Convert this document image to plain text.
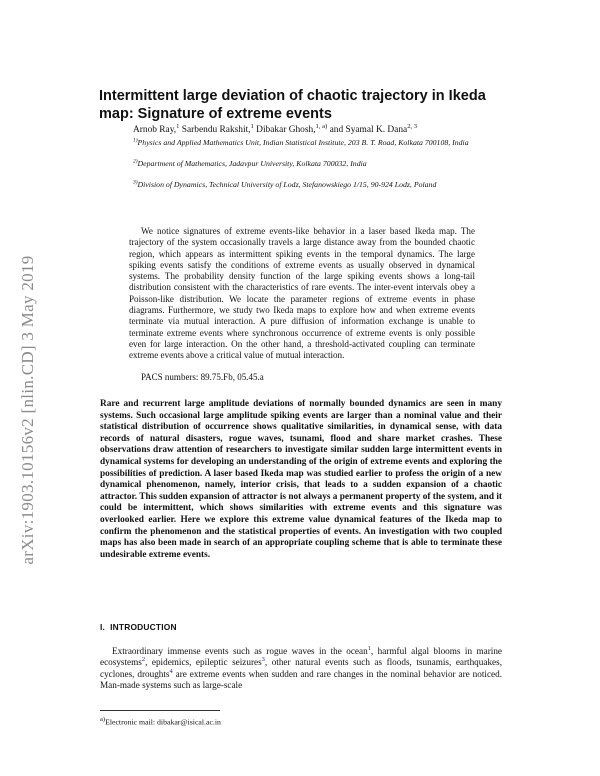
arXiv:1903.10156v2 [nlin.CD] 3 May 2019
Intermittent large deviation of chaotic trajectory in Ikeda map: Signature of extreme events
Arnob Ray,$^1$ Sarbendu Rakshit,$^1$ Dibakar Ghosh,$^{1, a)}$ and Syamal K. Dana$^{2, 3}$
$^{1)}$Physics and Applied Mathematics Unit, Indian Statistical Institute, 203 B. T. Road, Kolkata 700108, India
$^{2)}$Department of Mathematics, Jadavpur University, Kolkata 700032, India
$^{3)}$Division of Dynamics, Technical University of Lodz, Stefanowskiego 1/15, 90-924 Lodz, Poland

We notice signatures of extreme events-like behavior in a laser based Ikeda map. The trajectory of the system occasionally travels a large distance away from the bounded chaotic region, which appears as intermittent spiking events in the temporal dynamics. The large spiking events satisfy the conditions of extreme events as usually observed in dynamical systems. The probability density function of the large spiking events shows a long-tail distribution consistent with the characteristics of rare events. The inter-event intervals obey a Poisson-like distribution. We locate the parameter regions of extreme events in phase diagrams. Furthermore, we study two Ikeda maps to explore how and when extreme events terminate via mutual interaction. A pure diffusion of information exchange is unable to terminate extreme events where synchronous occurrence of extreme events is only possible even for large interaction. On the other hand, a threshold-activated coupling can terminate extreme events above a critical value of mutual interaction.

PACS numbers: 89.75.Fb, 05.45.a

Rare and recurrent large amplitude deviations of normally bounded dynamics are seen in many systems. Such occasional large amplitude spiking events are larger than a nominal value and their statistical distribution of occurrence shows qualitative similarities, in dynamical sense, with data records of natural disasters, rogue waves, tsunami, flood and share market crashes. These observations draw attention of researchers to investigate similar sudden large intermittent events in dynamical systems for developing an understanding of the origin of extreme events and exploring the possibilities of prediction. A laser based Ikeda map was studied earlier to profess the origin of a new dynamical phenomenon, namely, interior crisis, that leads to a sudden expansion of a chaotic attractor. This sudden expansion of attractor is not always a permanent property of the system, and it could be intermittent, which shows similarities with extreme events and this signature was overlooked earlier. Here we explore this extreme value dynamical features of the Ikeda map to confirm the phenomenon and the statistical properties of events. An investigation with two coupled maps has also been made in search of an appropriate coupling scheme that is able to terminate these undesirable extreme events.

I. INTRODUCTION

Extraordinary immense events such as rogue waves in the ocean$^1$, harmful algal blooms in marine ecosystems$^2$, epidemics, epileptic seizures$^3$, other natural events such as floods, tsunamis, earthquakes, cyclones, droughts$^4$ are extreme events when sudden and rare changes in the nominal behavior are noticed. Man-made systems such as large-scale

$^{a)}$Electronic mail: dibakar@isical.ac.in
